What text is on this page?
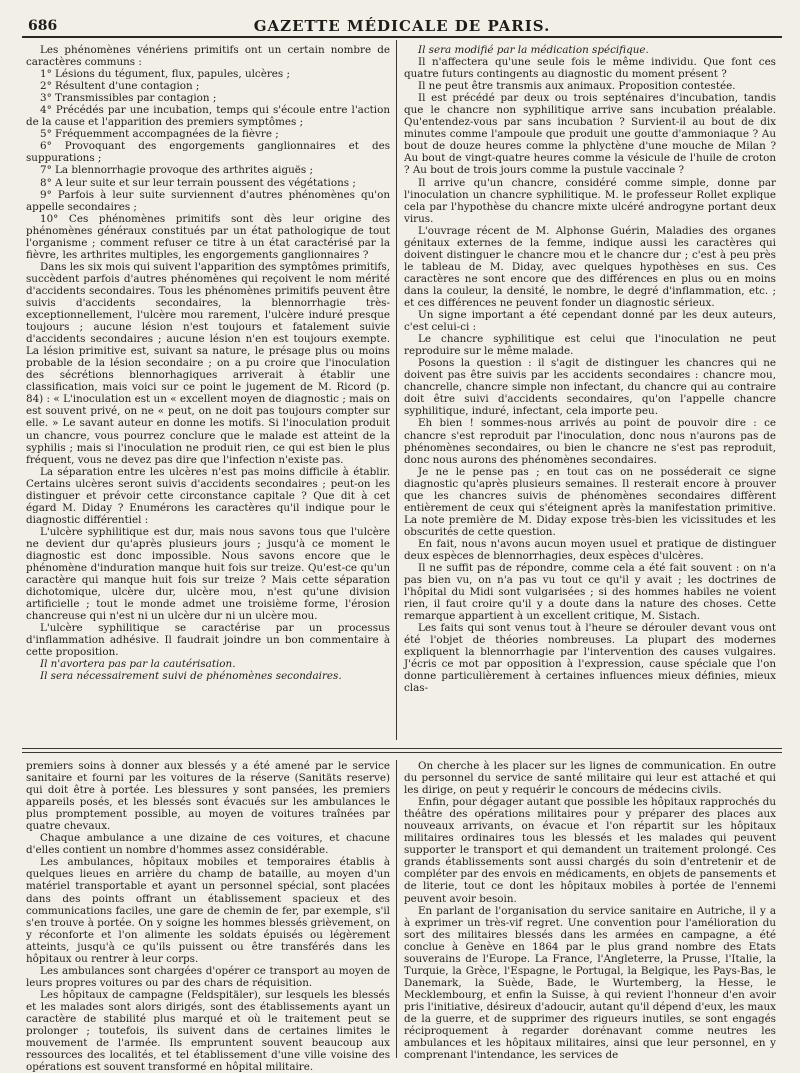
686	GAZETTE MÉDICALE DE PARIS.

Les phénomènes vénériens primitifs ont un certain nombre de caractères communs :

1° Lésions du tégument, flux, papules, ulcères ;

2° Résultent d'une contagion ;

3° Transmissibles par contagion ;

4° Précédés par une incubation, temps qui s'écoule entre l'action de la cause et l'apparition des premiers symptômes ;

5° Fréquemment accompagnées de la fièvre ;

6° Provoquant des engorgements ganglionnaires et des suppurations ;

7° La blennorrhagie provoque des arthrites aiguës ;

8° A leur suite et sur leur terrain poussent des végétations ;

9° Parfois à leur suite surviennent d'autres phénomènes qu'on appelle secondaires ;

10° Ces phénomènes primitifs sont dès leur origine des phénomènes généraux constitués par un état pathologique de tout l'organisme ; comment refuser ce titre à un état caractérisé par la fièvre, les arthrites multiples, les engorgements ganglionnaires ?

Dans les six mois qui suivent l'apparition des symptômes primitifs, succèdent parfois d'autres phénomènes qui reçoivent le nom mérité d'accidents secondaires. Tous les phénomènes primitifs peuvent être suivis d'accidents secondaires, la blennorrhagie très-exceptionnellement, l'ulcère mou rarement, l'ulcère induré presque toujours ; aucune lésion n'est toujours et fatalement suivie d'accidents secondaires ; aucune lésion n'en est toujours exempte. La lésion primitive est, suivant sa nature, le présage plus ou moins probable de la lésion secondaire ; on a pu croire que l'inoculation des sécrétions blennorhagiques arriverait à établir une classification, mais voici sur ce point le jugement de M. Ricord (p. 84) : « L'inoculation est un « excellent moyen de diagnostic ; mais on est souvent privé, on ne « peut, on ne doit pas toujours compter sur elle. » Le savant auteur en donne les motifs. Si l'inoculation produit un chancre, vous pourrez conclure que le malade est atteint de la syphilis ; mais si l'inoculation ne produit rien, ce qui est bien le plus fréquent, vous ne devez pas dire que l'infection n'existe pas.

La séparation entre les ulcères n'est pas moins difficile à établir. Certains ulcères seront suivis d'accidents secondaires ; peut-on les distinguer et prévoir cette circonstance capitale ? Que dit à cet égard M. Diday ? Enumérons les caractères qu'il indique pour le diagnostic différentiel :

L'ulcère syphilitique est dur, mais nous savons tous que l'ulcère ne devient dur qu'après plusieurs jours ; jusqu'à ce moment le diagnostic est donc impossible. Nous savons encore que le phénomène d'induration manque huit fois sur treize. Qu'est-ce qu'un caractère qui manque huit fois sur treize ? Mais cette séparation dichotomique, ulcère dur, ulcère mou, n'est qu'une division artificielle ; tout le monde admet une troisième forme, l'érosion chancreuse qui n'est ni un ulcère dur ni un ulcère mou.

L'ulcère syphilitique se caractérise par un processus d'inflammation adhésive. Il faudrait joindre un bon commentaire à cette proposition.

Il n'avortera pas par la cautérisation.

Il sera nécessairement suivi de phénomènes secondaires.

Il sera modifié par la médication spécifique.

Il n'affectera qu'une seule fois le même individu. Que font ces quatre futurs contingents au diagnostic du moment présent ?

Il ne peut être transmis aux animaux. Proposition contestée.

Il est précédé par deux ou trois septénaires d'incubation, tandis que le chancre non syphilitique arrive sans incubation préalable. Qu'entendez-vous par sans incubation ? Survient-il au bout de dix minutes comme l'ampoule que produit une goutte d'ammoniaque ? Au bout de douze heures comme la phlyctène d'une mouche de Milan ? Au bout de vingt-quatre heures comme la vésicule de l'huile de croton ? Au bout de trois jours comme la pustule vaccinale ?

Il arrive qu'un chancre, considéré comme simple, donne par l'inoculation un chancre syphilitique. M. le professeur Rollet explique cela par l'hypothèse du chancre mixte ulcéré androgyne portant deux virus.

L'ouvrage récent de M. Alphonse Guérin, Maladies des organes génitaux externes de la femme, indique aussi les caractères qui doivent distinguer le chancre mou et le chancre dur ; c'est à peu près le tableau de M. Diday, avec quelques hypothèses en sus. Ces caractères ne sont encore que des différences en plus ou en moins dans la couleur, la densité, le nombre, le degré d'inflammation, etc. ; et ces différences ne peuvent fonder un diagnostic sérieux.

Un signe important a été cependant donné par les deux auteurs, c'est celui-ci :

Le chancre syphilitique est celui que l'inoculation ne peut reproduire sur le même malade.

Posons la question : il s'agit de distinguer les chancres qui ne doivent pas être suivis par les accidents secondaires : chancre mou, chancrelle, chancre simple non infectant, du chancre qui au contraire doit être suivi d'accidents secondaires, qu'on l'appelle chancre syphilitique, induré, infectant, cela importe peu.

Eh bien ! sommes-nous arrivés au point de pouvoir dire : ce chancre s'est reproduit par l'inoculation, donc nous n'aurons pas de phénomènes secondaires, ou bien le chancre ne s'est pas reproduit, donc nous aurons des phénomènes secondaires.

Je ne le pense pas ; en tout cas on ne posséderait ce signe diagnostic qu'après plusieurs semaines. Il resterait encore à prouver que les chancres suivis de phénomènes secondaires diffèrent entièrement de ceux qui s'éteignent après la manifestation primitive. La note première de M. Diday expose très-bien les vicissitudes et les obscurités de cette question.

En fait, nous n'avons aucun moyen usuel et pratique de distinguer deux espèces de blennorrhagies, deux espèces d'ulcères.

Il ne suffit pas de répondre, comme cela a été fait souvent : on n'a pas bien vu, on n'a pas vu tout ce qu'il y avait ; les doctrines de l'hôpital du Midi sont vulgarisées ; si des hommes habiles ne voient rien, il faut croire qu'il y a doute dans la nature des choses. Cette remarque appartient à un excellent critique, M. Sistach.

Les faits qui sont venus tout à l'heure se dérouler devant vous ont été l'objet de théories nombreuses. La plupart des modernes expliquent la blennorrhagie par l'intervention des causes vulgaires. J'écris ce mot par opposition à l'expression, cause spéciale que l'on donne particulièrement à certaines influences mieux définies, mieux clas-

premiers soins à donner aux blessés y a été amené par le service sanitaire et fourni par les voitures de la réserve (Sanitäts reserve) qui doit être à portée. Les blessures y sont pansées, les premiers appareils posés, et les blessés sont évacués sur les ambulances le plus promptement possible, au moyen de voitures traînées par quatre chevaux.

Chaque ambulance a une dizaine de ces voitures, et chacune d'elles contient un nombre d'hommes assez considérable.

Les ambulances, hôpitaux mobiles et temporaires établis à quelques lieues en arrière du champ de bataille, au moyen d'un matériel transportable et ayant un personnel spécial, sont placées dans des points offrant un établissement spacieux et des communications faciles, une gare de chemin de fer, par exemple, s'il s'en trouve à portée. On y soigne les hommes blessés grièvement, on y réconforte et l'on alimente les soldats épuisés ou légèrement atteints, jusqu'à ce qu'ils puissent ou être transférés dans les hôpitaux ou rentrer à leur corps.

Les ambulances sont chargées d'opérer ce transport au moyen de leurs propres voitures ou par des chars de réquisition.

Les hôpitaux de campagne (Feldspitäler), sur lesquels les blessés et les malades sont alors dirigés, sont des établissements ayant un caractère de stabilité plus marqué et où le traitement peut se prolonger ; toutefois, ils suivent dans de certaines limites le mouvement de l'armée. Ils empruntent souvent beaucoup aux ressources des localités, et tel établissement d'une ville voisine des opérations est souvent transformé en hôpital militaire.

On cherche à les placer sur les lignes de communication. En outre du personnel du service de santé militaire qui leur est attaché et qui les dirige, on peut y requérir le concours de médecins civils.

Enfin, pour dégager autant que possible les hôpitaux rapprochés du théâtre des opérations militaires pour y préparer des places aux nouveaux arrivants, on évacue et l'on répartit sur les hôpitaux militaires ordinaires tous les blessés et les malades qui peuvent supporter le transport et qui demandent un traitement prolongé. Ces grands établissements sont aussi chargés du soin d'entretenir et de compléter par des envois en médicaments, en objets de pansements et de literie, tout ce dont les hôpitaux mobiles à portée de l'ennemi peuvent avoir besoin.

En parlant de l'organisation du service sanitaire en Autriche, il y a à exprimer un très-vif regret. Une convention pour l'amélioration du sort des militaires blessés dans les armées en campagne, a été conclue à Genève en 1864 par le plus grand nombre des Etats souverains de l'Europe. La France, l'Angleterre, la Prusse, l'Italie, la Turquie, la Grèce, l'Espagne, le Portugal, la Belgique, les Pays-Bas, le Danemark, la Suède, Bade, le Wurtemberg, la Hesse, le Mecklembourg, et enfin la Suisse, à qui revient l'honneur d'en avoir pris l'initiative, désireux d'adoucir, autant qu'il dépend d'eux, les maux de la guerre, et de supprimer des rigueurs inutiles, se sont engagés réciproquement à regarder dorénavant comme neutres les ambulances et les hôpitaux militaires, ainsi que leur personnel, en y comprenant l'intendance, les services de
